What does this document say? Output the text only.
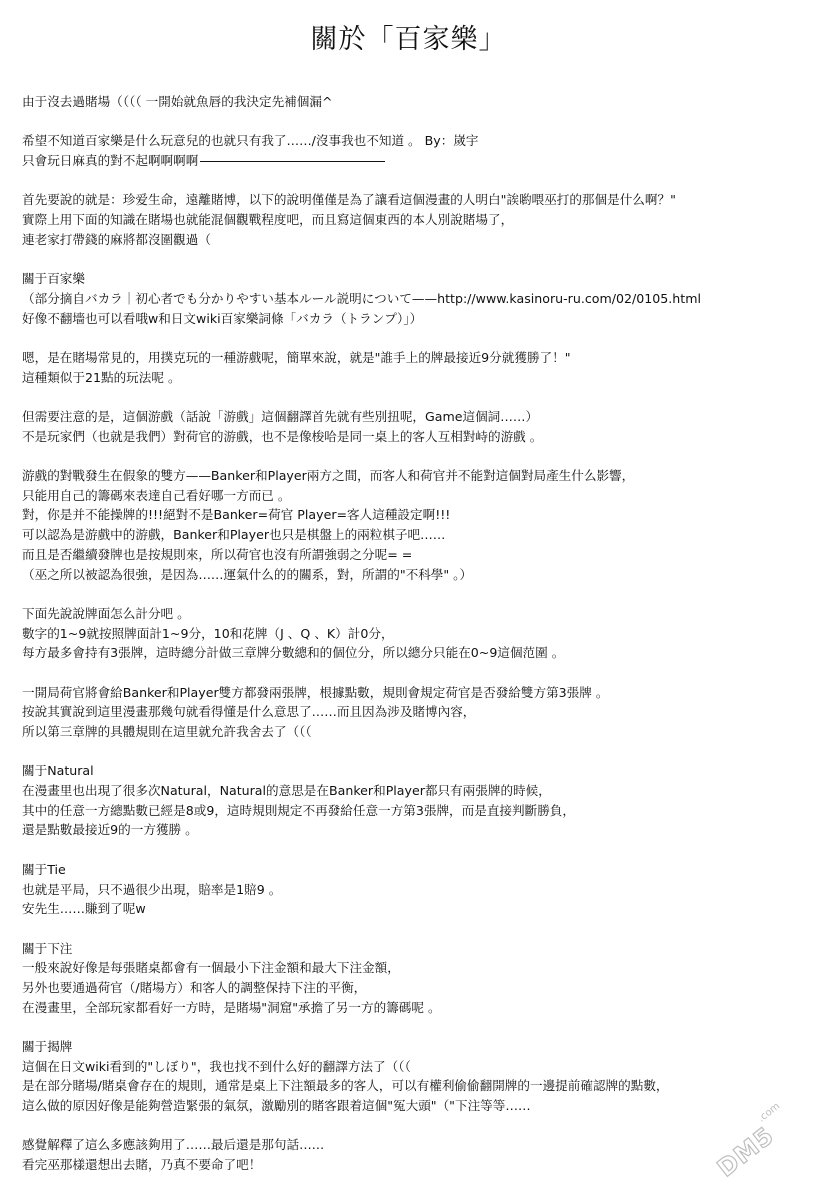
關於「百家樂」
由于沒去過賭場（（（（ 一開始就魚唇的我決定先補個漏^
希望不知道百家樂是什么玩意兒的也就只有我了……/沒事我也不知道 。 By：嵗宇
只會玩日麻真的對不起啊啊啊啊
首先要說的就是：珍爱生命，遠離賭博，以下的說明僅僅是為了讓看這個漫畫的人明白"誒喲喂巫打的那個是什么啊？"
實際上用下面的知識在賭場也就能混個觀戰程度吧，而且寫這個東西的本人別說賭場了，
連老家打帶錢的麻將都沒圍觀過（
關于百家樂
（部分摘自バカラ｜初心者でも分かりやすい基本ルール説明について——http://www.kasinoru-ru.com/02/0105.html
好像不翻墻也可以看哦w和日文wiki百家樂詞條「バカラ（トランプ）」）
嗯，是在賭場常見的，用撲克玩的一種游戲呢，簡單來說，就是"誰手上的牌最接近9分就獲勝了！"
這種類似于21點的玩法呢 。
但需要注意的是，這個游戲（話說「游戲」這個翻譯首先就有些別扭呢，Game這個詞……）
不是玩家們（也就是我們）對荷官的游戲，也不是像梭哈是同一桌上的客人互相對峙的游戲 。
游戲的對戰發生在假象的雙方——Banker和Player兩方之間，而客人和荷官并不能對這個對局產生什么影響，
只能用自己的籌碼來表達自己看好哪一方而已 。
對，你是并不能操牌的!!!絕對不是Banker=荷官 Player=客人這種設定啊!!!
可以認為是游戲中的游戲，Banker和Player也只是棋盤上的兩粒棋子吧……
而且是否繼續發牌也是按規則來，所以荷官也沒有所謂強弱之分呢= =
（巫之所以被認為很強，是因為……運氣什么的的關系，對，所謂的"不科學" 。）
下面先說說牌面怎么計分吧 。
數字的1~9就按照牌面計1~9分，10和花牌（J 、Q 、K）計0分，
每方最多會持有3張牌，這時總分計做三章牌分數總和的個位分，所以總分只能在0~9這個范圍 。
一開局荷官將會給Banker和Player雙方都發兩張牌，根據點數，規則會規定荷官是否發給雙方第3張牌 。
按說其實說到這里漫畫那幾句就看得懂是什么意思了……而且因為涉及賭博內容，
所以第三章牌的具體規則在這里就允許我舍去了（（（
關于Natural
在漫畫里也出現了很多次Natural，Natural的意思是在Banker和Player都只有兩張牌的時候，
其中的任意一方總點數已經是8或9，這時規則規定不再發給任意一方第3張牌，而是直接判斷勝負，
還是點數最接近9的一方獲勝 。
關于Tie
也就是平局，只不過很少出現，賠率是1賠9 。
安先生……賺到了呢w
關于下注
一般來說好像是每張賭桌都會有一個最小下注金額和最大下注金額，
另外也要通過荷官（/賭場方）和客人的調整保持下注的平衡，
在漫畫里，全部玩家都看好一方時，是賭場"洞窟"承擔了另一方的籌碼呢 。
關于揭牌
這個在日文wiki看到的"しぼり"，我也找不到什么好的翻譯方法了（（（
是在部分賭場/賭桌會存在的規則，通常是桌上下注額最多的客人，可以有權利偷偷翻開牌的一邊提前確認牌的點數，
這么做的原因好像是能夠營造緊張的氣氛，激勵別的賭客跟着這個"冤大頭"（"下注等等……
感覺解釋了這么多應該夠用了……最后還是那句話……
看完巫那樣還想出去賭，乃真不要命了吧！	DM5
.com
